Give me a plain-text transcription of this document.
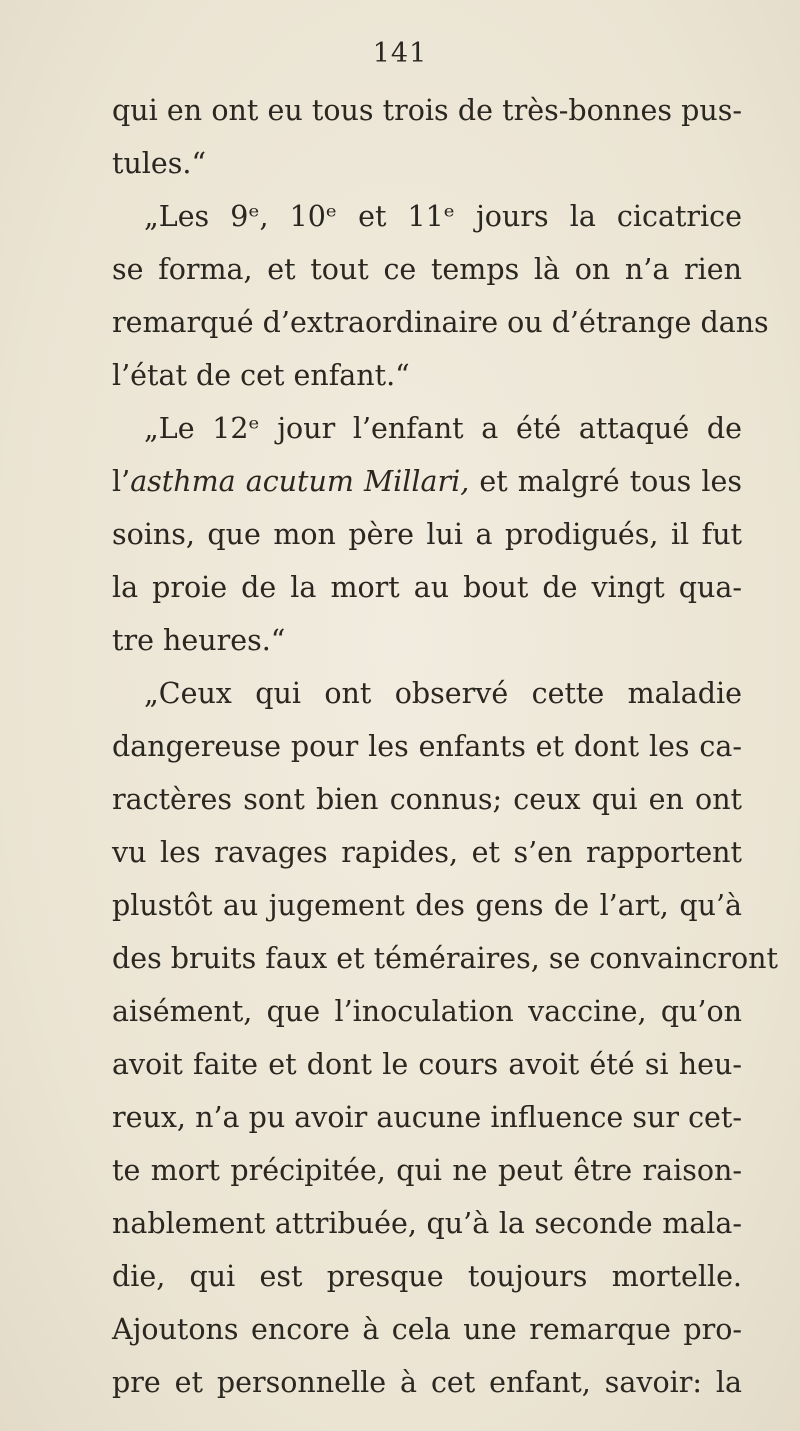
141
qui en ont eu tous trois de très-bonnes pus-
tules.“
„Les 9ᵉ, 10ᵉ et 11ᵉ jours la cicatrice
se forma, et tout ce temps là on n’a rien
remarqué d’extraordinaire ou d’étrange dans
l’état de cet enfant.“
„Le 12ᵉ jour l’enfant a été attaqué de
l’asthma acutum Millari, et malgré tous les
soins, que mon père lui a prodigués, il fut
la proie de la mort au bout de vingt qua-
tre heures.“
„Ceux qui ont observé cette maladie
dangereuse pour les enfants et dont les ca-
ractères sont bien connus; ceux qui en ont
vu les ravages rapides, et s’en rapportent
plustôt au jugement des gens de l’art, qu’à
des bruits faux et téméraires, se convaincront
aisément, que l’inoculation vaccine, qu’on
avoit faite et dont le cours avoit été si heu-
reux, n’a pu avoir aucune influence sur cet-
te mort précipitée, qui ne peut être raison-
nablement attribuée, qu’à la seconde mala-
die, qui est presque toujours mortelle.
Ajoutons encore à cela une remarque pro-
pre et personnelle à cet enfant, savoir: la
